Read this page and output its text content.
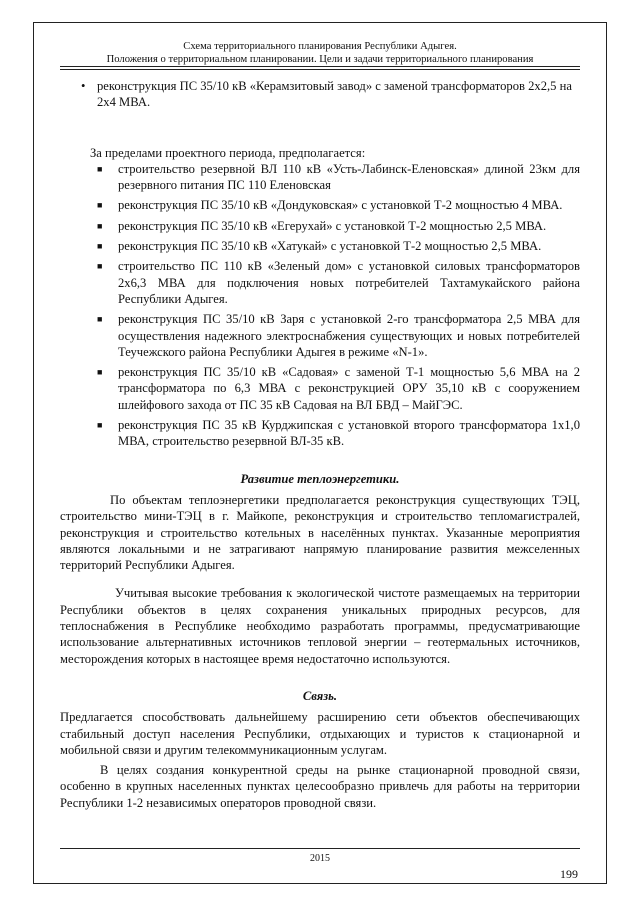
Схема территориального планирования Республики Адыгея.
Положения о территориальном планировании. Цели и задачи территориального планирования
• реконструкция ПС 35/10 кВ «Керамзитовый завод» с заменой трансформаторов 2х2,5 на 2х4 МВА.
За пределами проектного периода, предполагается:
■ строительство резервной ВЛ 110 кВ «Усть-Лабинск-Еленовская» длиной 23км для резервного питания ПС 110 Еленовская
■ реконструкция ПС 35/10 кВ «Дондуковская» с установкой Т-2 мощностью 4 МВА.
■ реконструкция ПС 35/10 кВ «Егерухай» с установкой Т-2 мощностью 2,5 МВА.
■ реконструкция ПС 35/10 кВ «Хатукай» с установкой Т-2 мощностью 2,5 МВА.
■ строительство ПС 110 кВ «Зеленый дом» с установкой силовых трансформаторов 2х6,3 МВА для подключения новых потребителей Тахтамукайского района Республики Адыгея.
■ реконструкция ПС 35/10 кВ Заря с установкой 2-го трансформатора 2,5 МВА для осуществления надежного электроснабжения существующих и новых потребителей Теучежского района Республики Адыгея в режиме «N-1».
■ реконструкция ПС 35/10 кВ «Садовая» с заменой Т-1 мощностью 5,6 МВА на 2 трансформатора по 6,3 МВА с реконструкцией ОРУ 35,10 кВ с сооружением шлейфового захода от ПС 35 кВ Садовая на ВЛ БВД – МайГЭС.
■ реконструкция ПС 35 кВ Курджипская с установкой второго трансформатора 1х1,0 МВА, строительство резервной ВЛ-35 кВ.
Развитие теплоэнергетики.

По объектам теплоэнергетики предполагается реконструкция существующих ТЭЦ, строительство мини-ТЭЦ в г. Майкопе, реконструкция и строительство тепломагистралей, реконструкция и строительство котельных в населённых пунктах. Указанные мероприятия являются локальными и не затрагивают напрямую планирование развития межселенных территорий Республики Адыгея.

Учитывая высокие требования к экологической чистоте размещаемых на территории Республики объектов в целях сохранения уникальных природных ресурсов, для теплоснабжения в Республике необходимо разработать программы, предусматривающие использование альтернативных источников тепловой энергии – геотермальных источников, месторождения которых в настоящее время недостаточно используются.

Связь.

Предлагается способствовать дальнейшему расширению сети объектов обеспечивающих стабильный доступ населения Республики, отдыхающих и туристов к стационарной и мобильной связи и другим телекоммуникационным услугам.

В целях создания конкурентной среды на рынке стационарной проводной связи, особенно в крупных населенных пунктах целесообразно привлечь для работы на территории Республики 1-2 независимых операторов проводной связи.

2015
199
